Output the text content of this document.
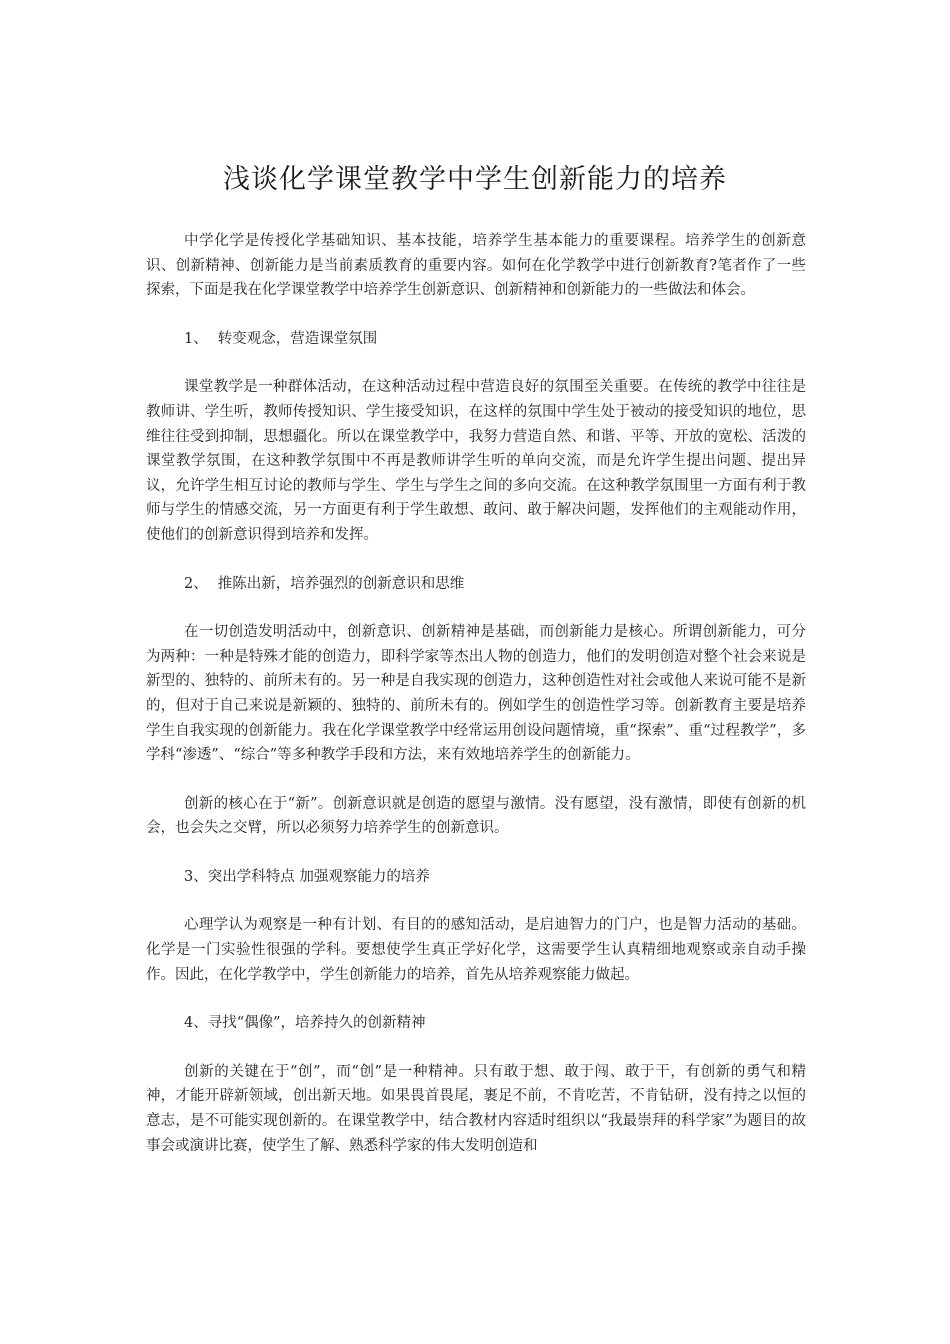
浅谈化学课堂教学中学生创新能力的培养

中学化学是传授化学基础知识、基本技能，培养学生基本能力的重要课程。培养学生的创新意识、创新精神、创新能力是当前素质教育的重要内容。如何在化学教学中进行创新教育?笔者作了一些探索，下面是我在化学课堂教学中培养学生创新意识、创新精神和创新能力的一些做法和体会。

1、 转变观念，营造课堂氛围

课堂教学是一种群体活动，在这种活动过程中营造良好的氛围至关重要。在传统的教学中往往是教师讲、学生听，教师传授知识、学生接受知识，在这样的氛围中学生处于被动的接受知识的地位，思维往往受到抑制，思想疆化。所以在课堂教学中，我努力营造自然、和谐、平等、开放的宽松、活泼的课堂教学氛围，在这种教学氛围中不再是教师讲学生听的单向交流，而是允许学生提出问题、提出异议，允许学生相互讨论的教师与学生、学生与学生之间的多向交流。在这种教学氛围里一方面有利于教师与学生的情感交流，另一方面更有利于学生敢想、敢问、敢于解决问题，发挥他们的主观能动作用，使他们的创新意识得到培养和发挥。

2、 推陈出新，培养强烈的创新意识和思维

在一切创造发明活动中，创新意识、创新精神是基础，而创新能力是核心。所谓创新能力，可分为两种：一种是特殊才能的创造力，即科学家等杰出人物的创造力，他们的发明创造对整个社会来说是新型的、独特的、前所未有的。另一种是自我实现的创造力，这种创造性对社会或他人来说可能不是新的，但对于自己来说是新颖的、独特的、前所未有的。例如学生的创造性学习等。创新教育主要是培养学生自我实现的创新能力。我在化学课堂教学中经常运用创设问题情境，重“探索”、重“过程教学”，多学科“渗透”、“综合”等多种教学手段和方法，来有效地培养学生的创新能力。

创新的核心在于“新”。创新意识就是创造的愿望与激情。没有愿望，没有激情，即使有创新的机会，也会失之交臂，所以必须努力培养学生的创新意识。

3、突出学科特点 加强观察能力的培养

心理学认为观察是一种有计划、有目的的感知活动，是启迪智力的门户，也是智力活动的基础。化学是一门实验性很强的学科。要想使学生真正学好化学，这需要学生认真精细地观察或亲自动手操作。因此，在化学教学中，学生创新能力的培养，首先从培养观察能力做起。

4、寻找“偶像”，培养持久的创新精神

创新的关键在于“创”，而“创”是一种精神。只有敢于想、敢于闯、敢于干，有创新的勇气和精神，才能开辟新领域，创出新天地。如果畏首畏尾，裹足不前，不肯吃苦，不肯钻研，没有持之以恒的意志，是不可能实现创新的。在课堂教学中，结合教材内容适时组织以“我最崇拜的科学家”为题目的故事会或演讲比赛，使学生了解、熟悉科学家的伟大发明创造和
